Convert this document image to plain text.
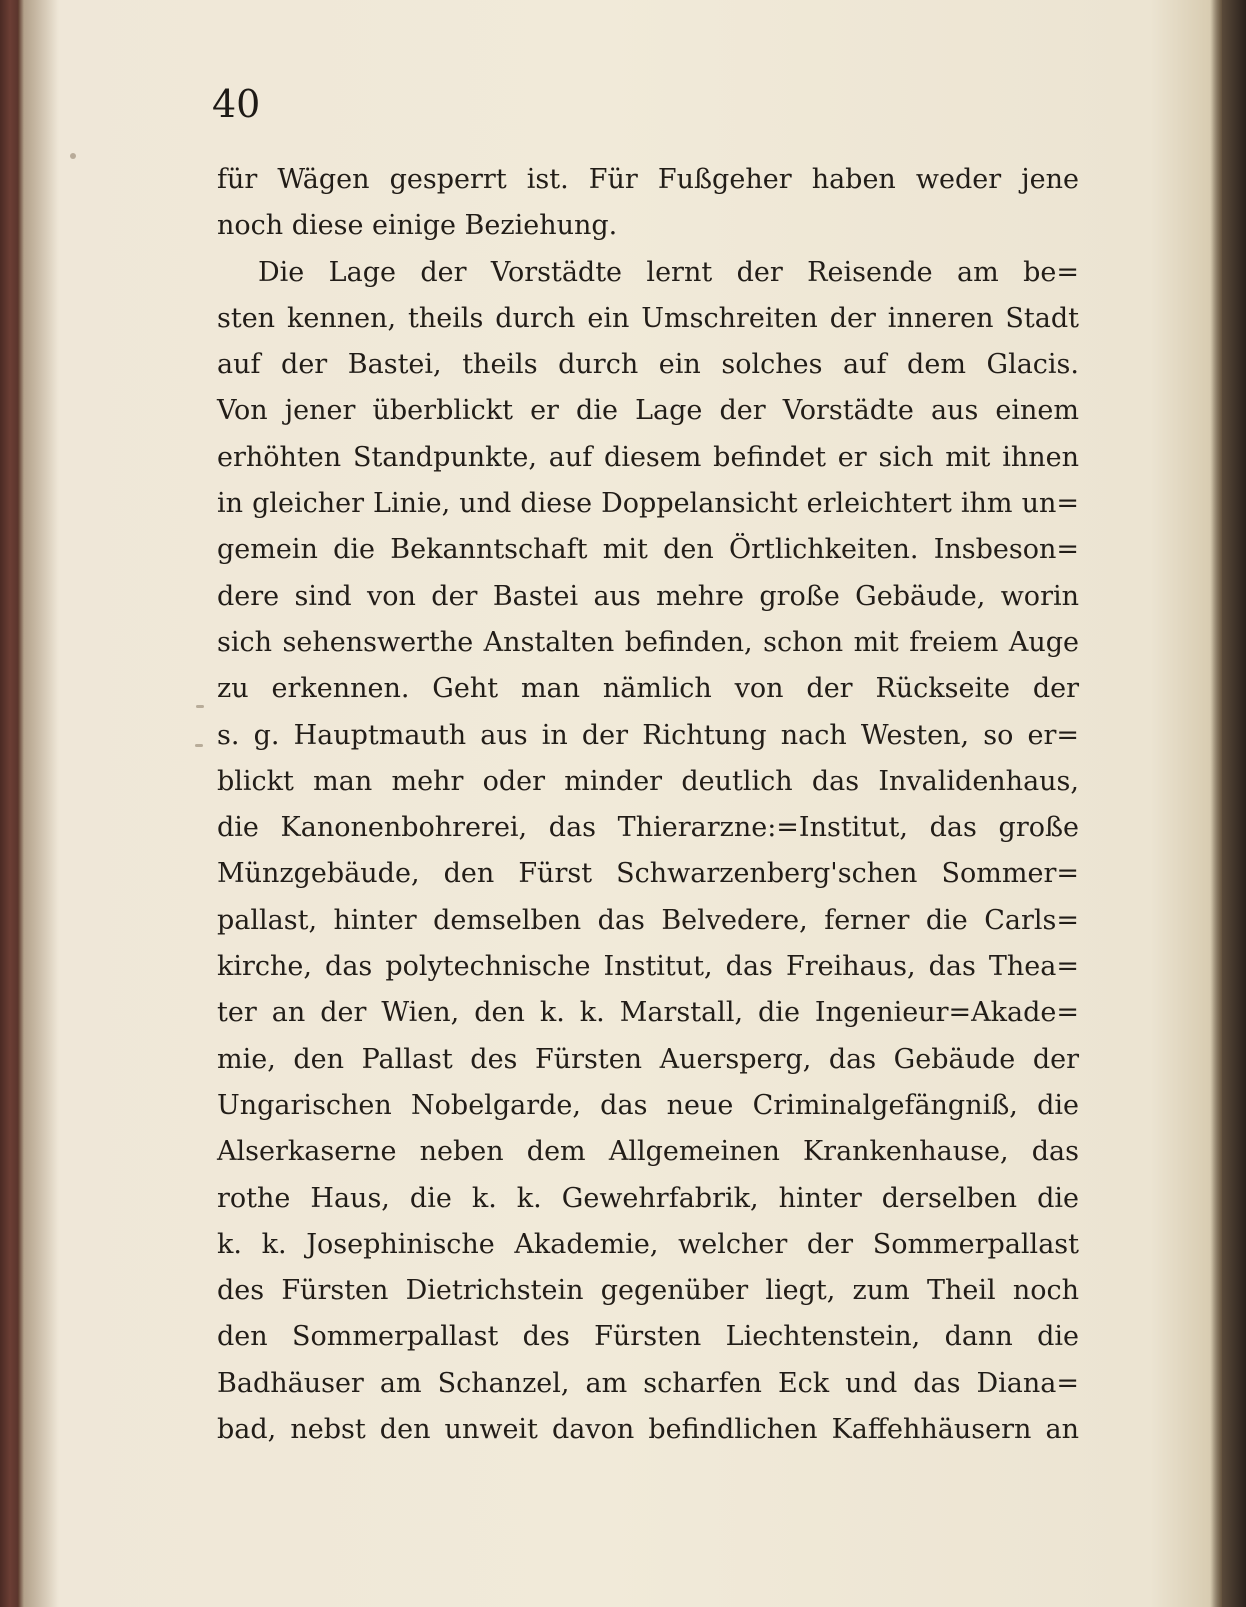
40
für Wägen gesperrt ist. Für Fußgeher haben weder jene
noch diese einige Beziehung.
Die Lage der Vorstädte lernt der Reisende am be=
sten kennen, theils durch ein Umschreiten der inneren Stadt
auf der Bastei, theils durch ein solches auf dem Glacis.
Von jener überblickt er die Lage der Vorstädte aus einem
erhöhten Standpunkte, auf diesem befindet er sich mit ihnen
in gleicher Linie, und diese Doppelansicht erleichtert ihm un=
gemein die Bekanntschaft mit den Örtlichkeiten. Insbeson=
dere sind von der Bastei aus mehre große Gebäude, worin
sich sehenswerthe Anstalten befinden, schon mit freiem Auge
zu erkennen. Geht man nämlich von der Rückseite der
s. g. Hauptmauth aus in der Richtung nach Westen, so er=
blickt man mehr oder minder deutlich das Invalidenhaus,
die Kanonenbohrerei, das Thierarzne:=Institut, das große
Münzgebäude, den Fürst Schwarzenberg'schen Sommer=
pallast, hinter demselben das Belvedere, ferner die Carls=
kirche, das polytechnische Institut, das Freihaus, das Thea=
ter an der Wien, den k. k. Marstall, die Ingenieur=Akade=
mie, den Pallast des Fürsten Auersperg, das Gebäude der
Ungarischen Nobelgarde, das neue Criminalgefängniß, die
Alserkaserne neben dem Allgemeinen Krankenhause, das
rothe Haus, die k. k. Gewehrfabrik, hinter derselben die
k. k. Josephinische Akademie, welcher der Sommerpallast
des Fürsten Dietrichstein gegenüber liegt, zum Theil noch
den Sommerpallast des Fürsten Liechtenstein, dann die
Badhäuser am Schanzel, am scharfen Eck und das Diana=
bad, nebst den unweit davon befindlichen Kaffehhäusern an
